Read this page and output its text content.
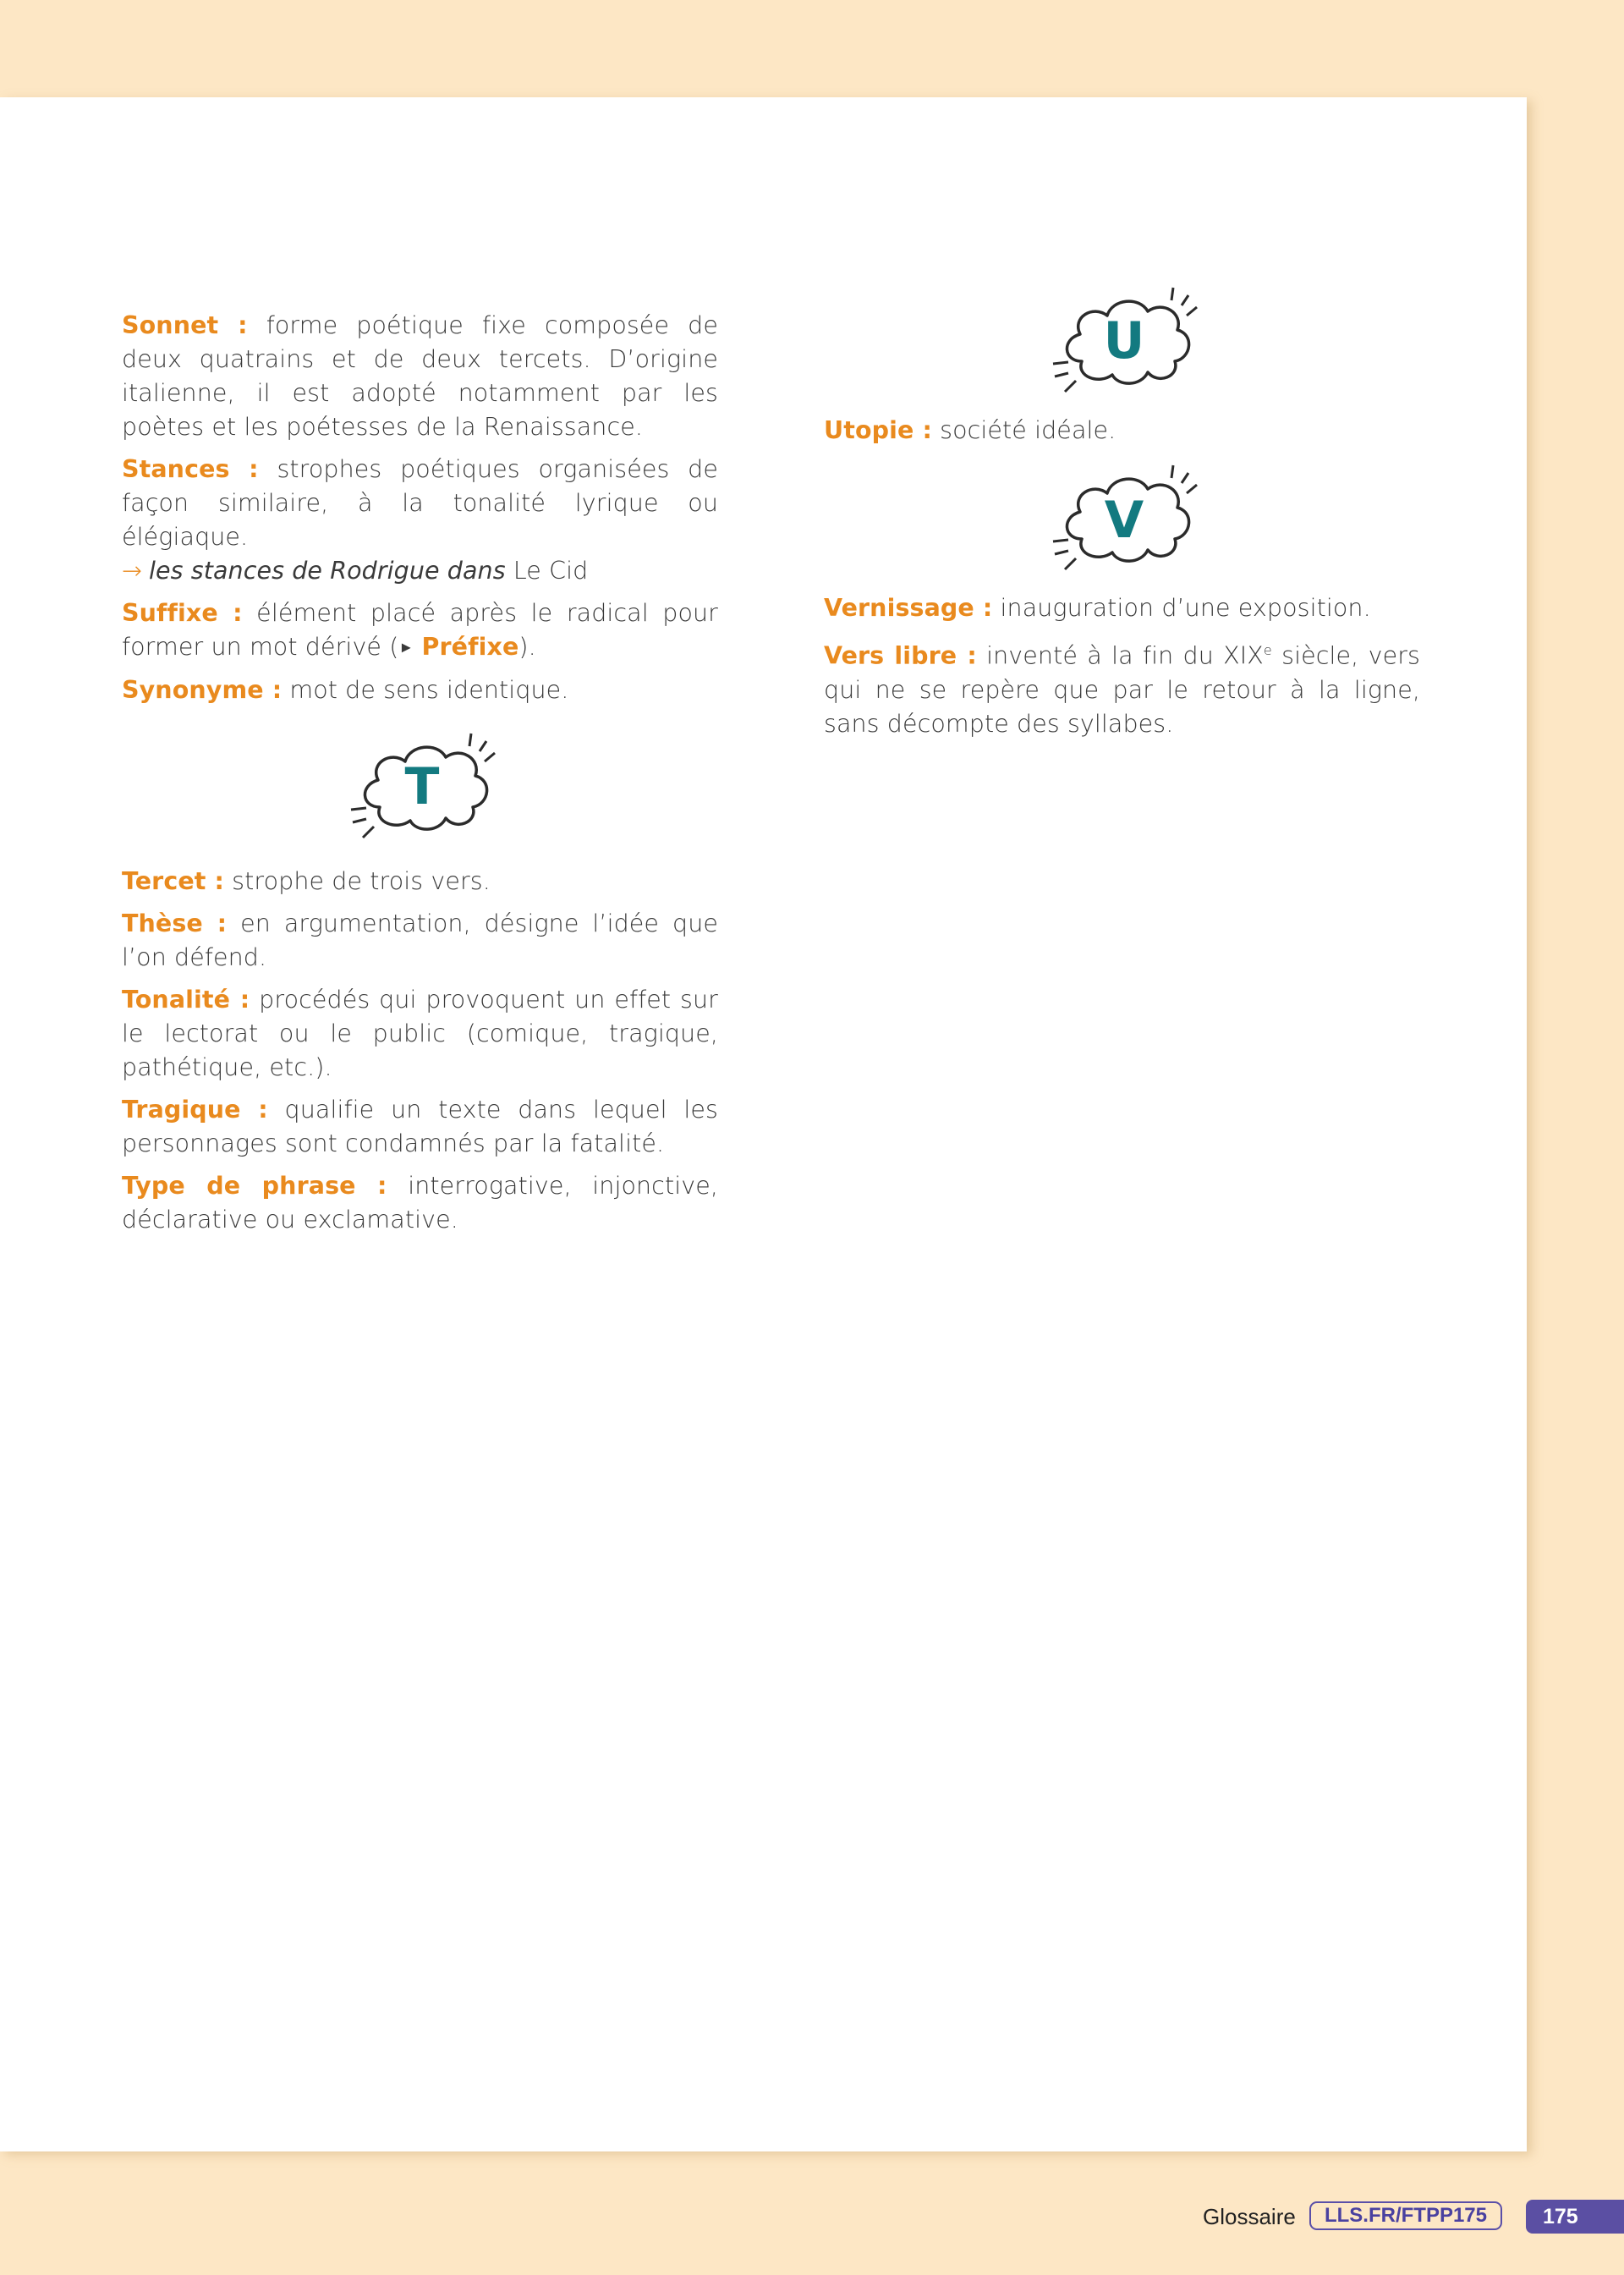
Sonnet : forme poétique fixe composée de deux quatrains et de deux tercets. D’origine italienne, il est adopté notamment par les poètes et les poétesses de la Renaissance.

Stances : strophes poétiques organisées de façon similaire, à la tonalité lyrique ou élégiaque.
→ les stances de Rodrigue dans Le Cid

Suffixe : élément placé après le radical pour former un mot dérivé (► Préfixe).

Synonyme : mot de sens identique.

T

Tercet : strophe de trois vers.

Thèse : en argumentation, désigne l’idée que l’on défend.

Tonalité : procédés qui provoquent un effet sur le lectorat ou le public (comique, tragique, pathétique, etc.).

Tragique : qualifie un texte dans lequel les personnages sont condamnés par la fatalité.

Type de phrase : interrogative, injonctive, déclarative ou exclamative.

U

Utopie : société idéale.

V

Vernissage : inauguration d’une exposition.

Vers libre : inventé à la fin du XIXe siècle, vers qui ne se repère que par le retour à la ligne, sans décompte des syllabes.

Glossaire	LLS.FR/FTPP175	175
